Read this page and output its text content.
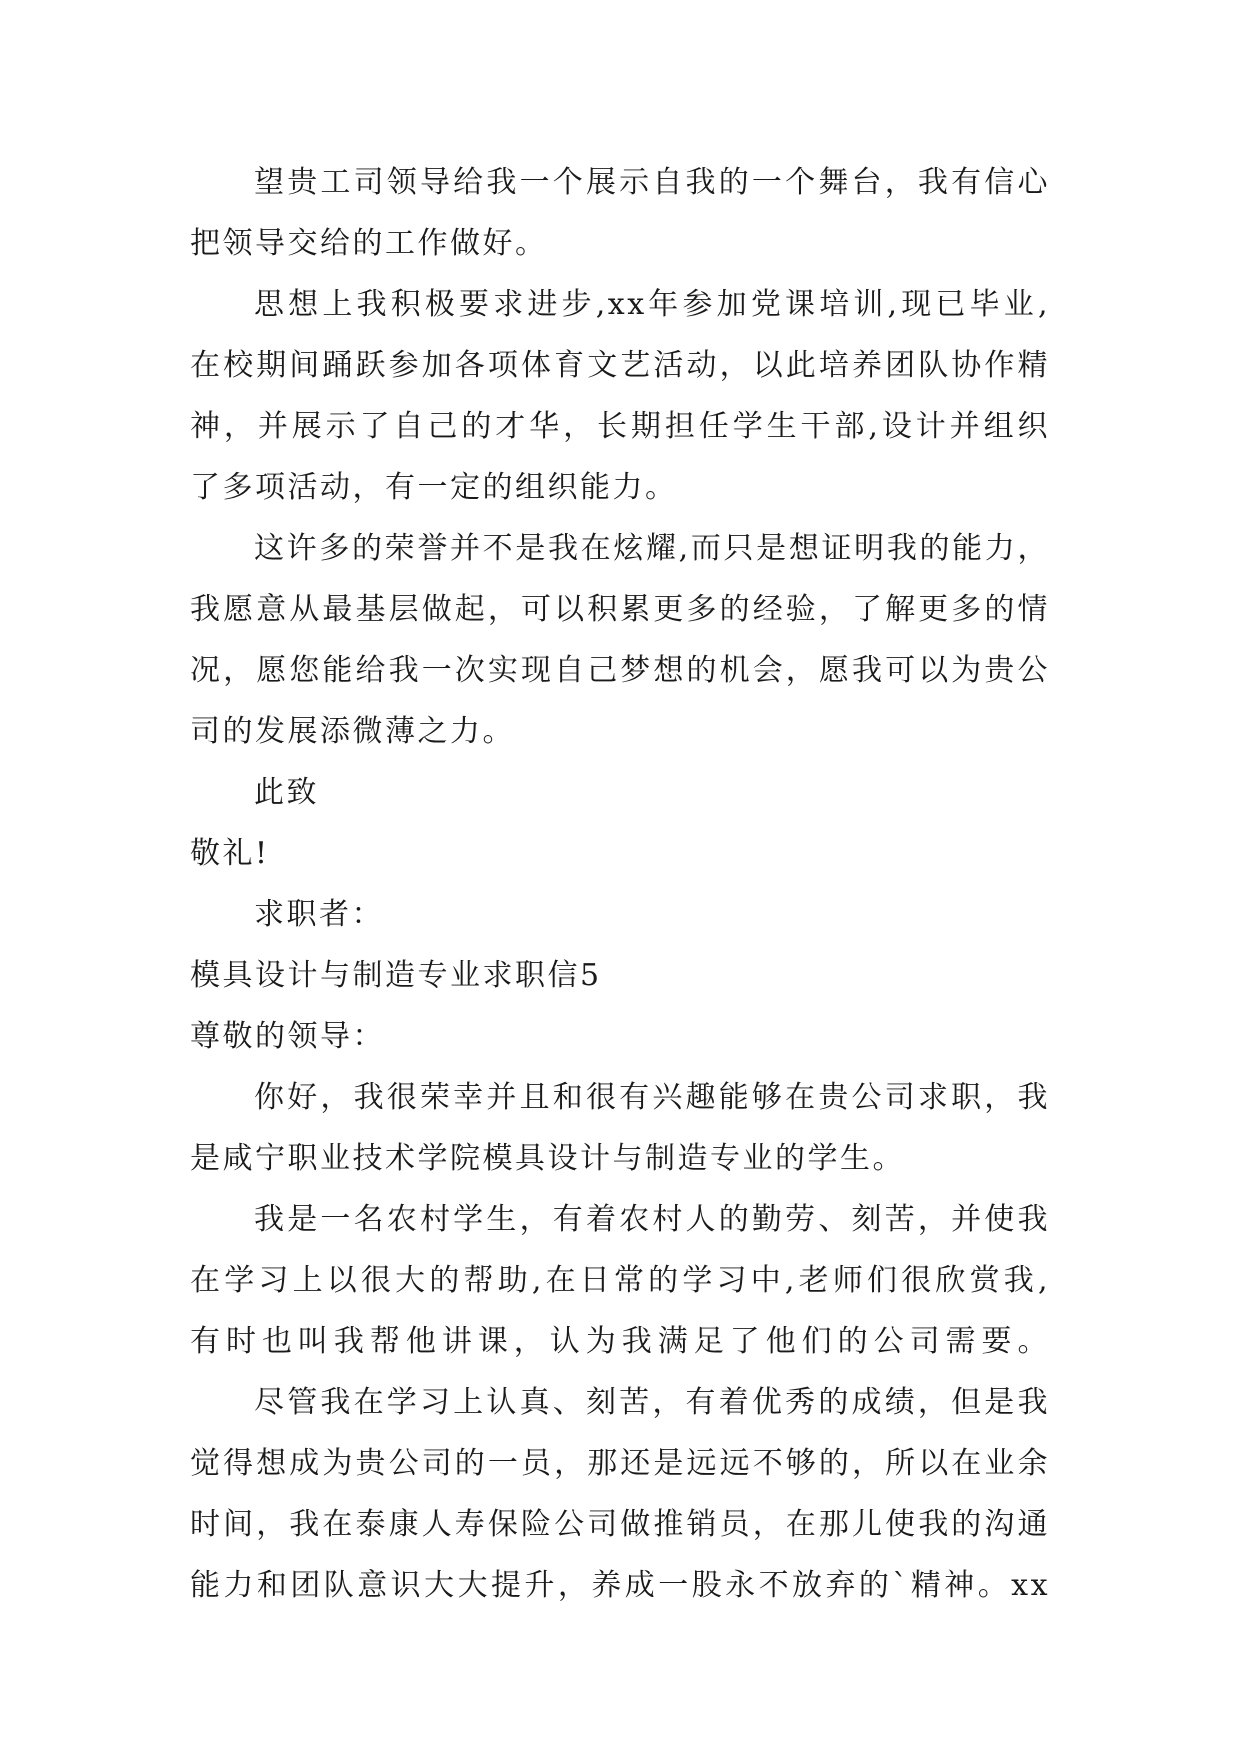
望贵工司领导给我一个展示自我的一个舞台，我有信心
把领导交给的工作做好。

思想上我积极要求进步,xx年参加党课培训,现已毕业,
在校期间踊跃参加各项体育文艺活动，以此培养团队协作精
神，并展示了自己的才华，长期担任学生干部,设计并组织
了多项活动，有一定的组织能力。

这许多的荣誉并不是我在炫耀,而只是想证明我的能力，
我愿意从最基层做起，可以积累更多的经验，了解更多的情
况，愿您能给我一次实现自己梦想的机会，愿我可以为贵公
司的发展添微薄之力。

此致

敬礼!

求职者：

模具设计与制造专业求职信5

尊敬的领导：

你好，我很荣幸并且和很有兴趣能够在贵公司求职，我
是咸宁职业技术学院模具设计与制造专业的学生。

我是一名农村学生，有着农村人的勤劳、刻苦，并使我
在学习上以很大的帮助,在日常的学习中,老师们很欣赏我,
有时也叫我帮他讲课，认为我满足了他们的公司需要。

尽管我在学习上认真、刻苦，有着优秀的成绩，但是我
觉得想成为贵公司的一员，那还是远远不够的，所以在业余
时间，我在泰康人寿保险公司做推销员，在那儿使我的沟通
能力和团队意识大大提升，养成一股永不放弃的`精神。xx
